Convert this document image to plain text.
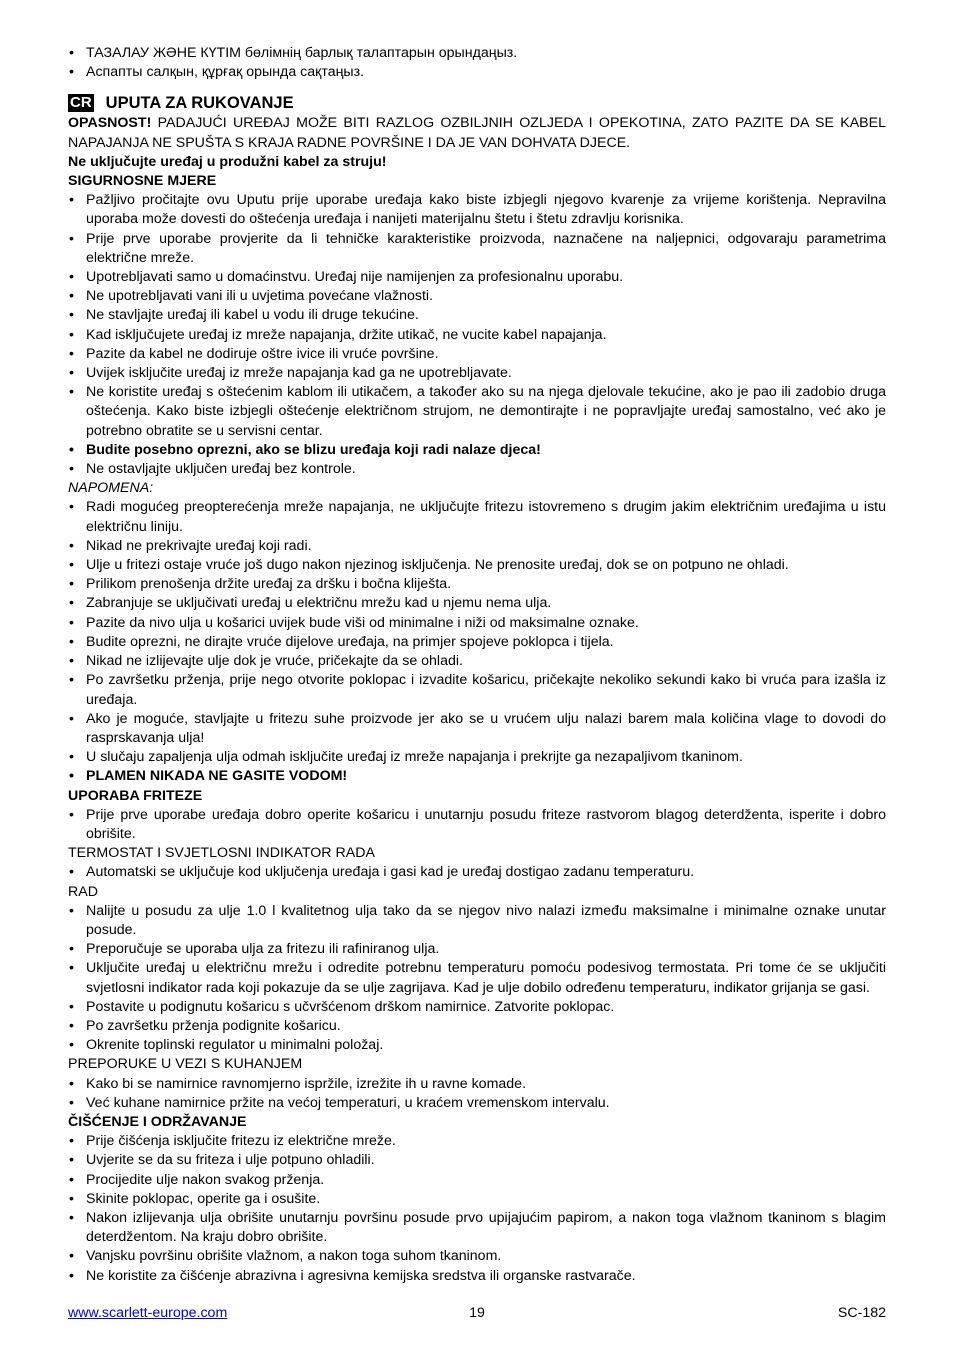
• ТАЗАЛАУ ЖӘНЕ КҮТІМ бөлімнің барлық талаптарын орындаңыз.
• Аспапты салқын, құрғақ орында сақтаңыз.
CR UPUTA ZA RUKOVANJE

OPASNOST! PADAJUĆI UREĐAJ MOŽE BITI RAZLOG OZBILJNIH OZLJEDA I OPEKOTINA, ZATO PAZITE DA SE KABEL NAPAJANJA NE SPUŠTA S KRAJA RADNE POVRŠINE I DA JE VAN DOHVATA DJECE.

Ne uključujte uređaj u produžni kabel za struju!

SIGURNOSNE MJERE

• Pažljivo pročitajte ovu Uputu prije uporabe uređaja kako biste izbjegli njegovo kvarenje za vrijeme korištenja. Nepravilna uporaba može dovesti do oštećenja uređaja i nanijeti materijalnu štetu i štetu zdravlju korisnika.
• Prije prve uporabe provjerite da li tehničke karakteristike proizvoda, naznačene na naljepnici, odgovaraju parametrima električne mreže.
• Upotrebljavati samo u domaćinstvu. Uređaj nije namijenjen za profesionalnu uporabu.
• Ne upotrebljavati vani ili u uvjetima povećane vlažnosti.
• Ne stavljajte uređaj ili kabel u vodu ili druge tekućine.
• Kad isključujete uređaj iz mreže napajanja, držite utikač, ne vucite kabel napajanja.
• Pazite da kabel ne dodiruje oštre ivice ili vruće površine.
• Uvijek isključite uređaj iz mreže napajanja kad ga ne upotrebljavate.
• Ne koristite uređaj s oštećenim kablom ili utikačem, a također ako su na njega djelovale tekućine, ako je pao ili zadobio druga oštećenja. Kako biste izbjegli oštećenje električnom strujom, ne demontirajte i ne popravljajte uređaj samostalno, već ako je potrebno obratite se u servisni centar.
• Budite posebno oprezni, ako se blizu uređaja koji radi nalaze djeca!
• Ne ostavljajte uključen uređaj bez kontrole.

NAPOMENA:

• Radi mogućeg preopterećenja mreže napajanja, ne uključujte fritezu istovremeno s drugim jakim električnim uređajima u istu električnu liniju.
• Nikad ne prekrivajte uređaj koji radi.
• Ulje u fritezi ostaje vruće još dugo nakon njezinog isključenja. Ne prenosite uređaj, dok se on potpuno ne ohladi.
• Prilikom prenošenja držite uređaj za dršku i bočna kliješta.
• Zabranjuje se uključivati uređaj u električnu mrežu kad u njemu nema ulja.
• Pazite da nivo ulja u košarici uvijek bude viši od minimalne i niži od maksimalne oznake.
• Budite oprezni, ne dirajte vruće dijelove uređaja, na primjer spojeve poklopca i tijela.
• Nikad ne izlijevajte ulje dok je vruće, pričekajte da se ohladi.
• Po završetku prženja, prije nego otvorite poklopac i izvadite košaricu, pričekajte nekoliko sekundi kako bi vruća para izašla iz uređaja.
• Ako je moguće, stavljajte u fritezu suhe proizvode jer ako se u vrućem ulju nalazi barem mala količina vlage to dovodi do rasprskavanja ulja!
• U slučaju zapaljenja ulja odmah isključite uređaj iz mreže napajanja i prekrijte ga nezapaljivom tkaninom.
• PLAMEN NIKADA NE GASITE VODOM!

UPORABA FRITEZE

• Prije prve uporabe uređaja dobro operite košaricu i unutarnju posudu friteze rastvorom blagog deterdženta, isperite i dobro obrišite.

TERMOSTAT I SVJETLOSNI INDIKATOR RADA

• Automatski se uključuje kod uključenja uređaja i gasi kad je uređaj dostigao zadanu temperaturu.

RAD

• Nalijte u posudu za ulje 1.0 l kvalitetnog ulja tako da se njegov nivo nalazi između maksimalne i minimalne oznake unutar posude.
• Preporučuje se uporaba ulja za fritezu ili rafiniranog ulja.
• Uključite uređaj u električnu mrežu i odredite potrebnu temperaturu pomoću podesivog termostata. Pri tome će se uključiti svjetlosni indikator rada koji pokazuje da se ulje zagrijava. Kad je ulje dobilo određenu temperaturu, indikator grijanja se gasi.
• Postavite u podignutu košaricu s učvršćenom drškom namirnice. Zatvorite poklopac.
• Po završetku prženja podignite košaricu.
• Okrenite toplinski regulator u minimalni položaj.

PREPORUKE U VEZI S KUHANJEM

• Kako bi se namirnice ravnomjerno ispržile, izrežite ih u ravne komade.
• Već kuhane namirnice pržite na većoj temperaturi, u kraćem vremenskom intervalu.

ČIŠĆENJE I ODRŽAVANJE

• Prije čišćenja isključite fritezu iz električne mreže.
• Uvjerite se da su friteza i ulje potpuno ohladili.
• Procijedite ulje nakon svakog prženja.
• Skinite poklopac, operite ga i osušite.
• Nakon izlijevanja ulja obrišite unutarnju površinu posude prvo upijajućim papirom, a nakon toga vlažnom tkaninom s blagim deterdžentom. Na kraju dobro obrišite.
• Vanjsku površinu obrišite vlažnom, a nakon toga suhom tkaninom.
• Ne koristite za čišćenje abrazivna i agresivna kemijska sredstva ili organske rastvarače.
www.scarlett-europe.com	19	SC-182
